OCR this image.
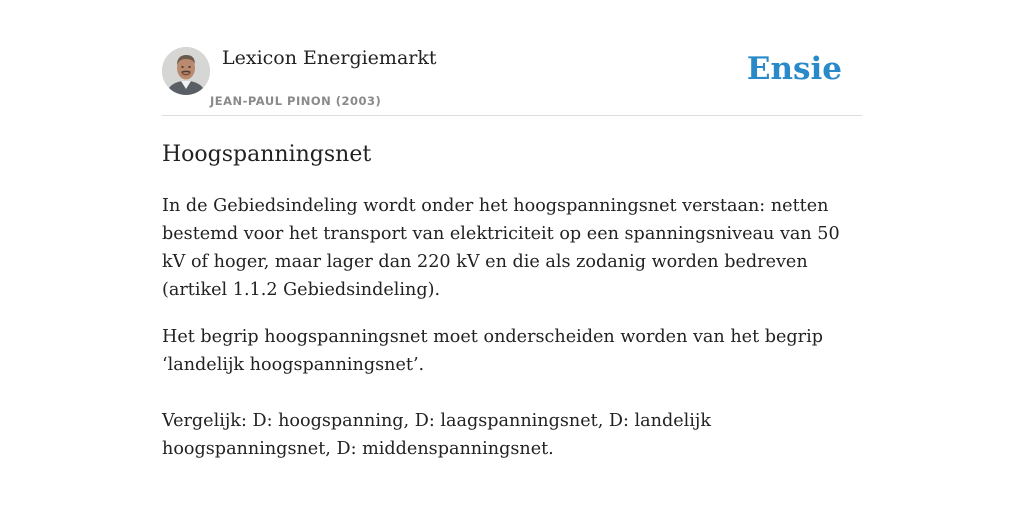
Lexicon Energiemarkt
JEAN-PAUL PINON (2003)
Ensie
Hoogspanningsnet

In de Gebiedsindeling wordt onder het hoogspanningsnet verstaan: netten bestemd voor het transport van elektriciteit op een spanningsniveau van 50 kV of hoger, maar lager dan 220 kV en die als zodanig worden bedreven (artikel 1.1.2 Gebiedsindeling).

Het begrip hoogspanningsnet moet onderscheiden worden van het begrip ‘landelijk hoogspanningsnet’.

Vergelijk: D: hoogspanning, D: laagspanningsnet, D: landelijk hoogspanningsnet, D: middenspanningsnet.
